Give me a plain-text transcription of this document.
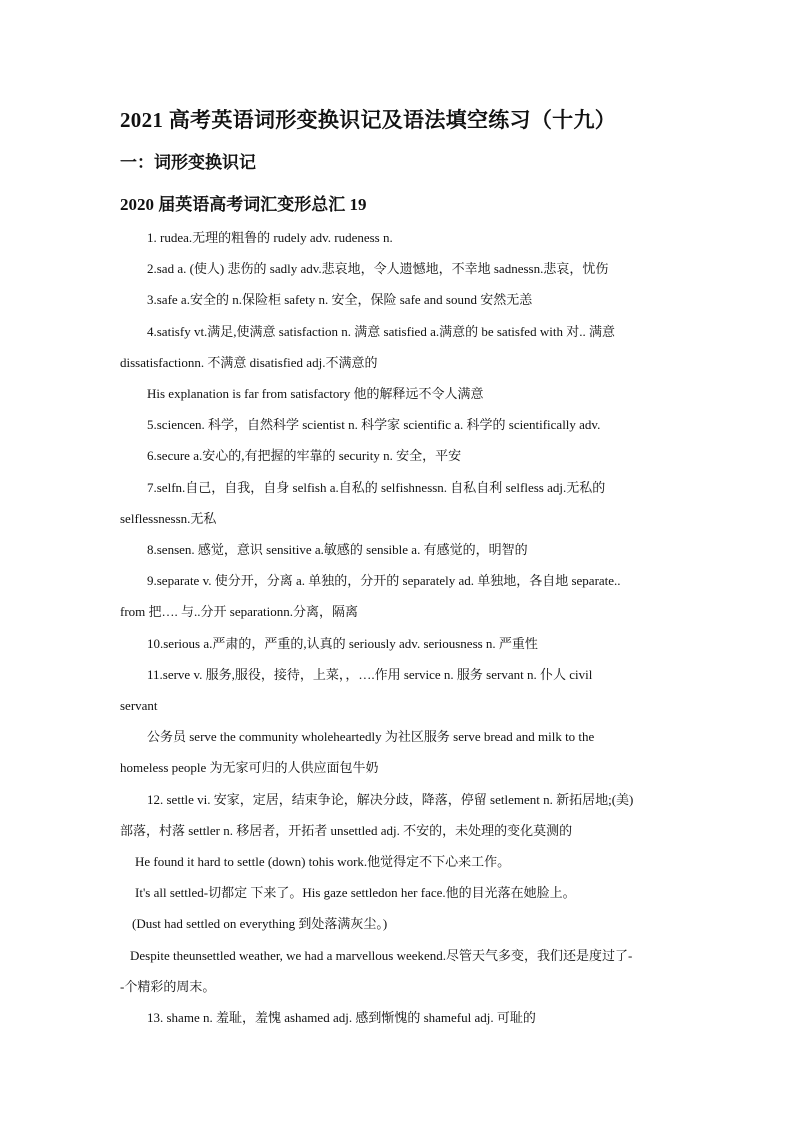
2021 高考英语词形变换识记及语法填空练习（十九）
一：词形变换识记
2020 届英语高考词汇变形总汇 19

1. rudea.无理的粗鲁的 rudely adv. rudeness n.

2.sad a. (使人) 悲伤的 sadly adv.悲哀地，令人遗憾地，不幸地 sadnessn.悲哀，忧伤

3.safe a.安全的 n.保险柜 safety n. 安全，保险 safe and sound 安然无恙

4.satisfy vt.满足,使满意 satisfaction n. 满意 satisfied a.满意的 be satisfed with 对.. 满意

dissatisfactionn. 不满意 disatisfied adj.不满意的

His explanation is far from satisfactory 他的解释远不令人满意

5.sciencen. 科学，自然科学 scientist n. 科学家 scientific a. 科学的 scientifically adv.

6.secure a.安心的,有把握的牢靠的 security n. 安全，平安

7.selfn.自己，自我，自身 selfish a.自私的 selfishnessn. 自私自利 selfless adj.无私的

selflessnessn.无私

8.sensen. 感觉，意识 sensitive a.敏感的 sensible a. 有感觉的，明智的

9.separate v. 使分开，分离 a. 单独的，分开的 separately ad. 单独地，各自地 separate..

from 把…. 与..分开 separationn.分离，隔离

10.serious a.严肃的，严重的,认真的 seriously adv. seriousness n. 严重性

11.serve v. 服务,服役，接待，上菜，，….作用 service n. 服务 servant n. 仆人 civil

servant

公务员 serve the community wholeheartedly 为社区服务 serve bread and milk to the

homeless people 为无家可归的人供应面包牛奶

12. settle vi. 安家，定居，结束争论，解决分歧，降落，停留 setlement n. 新拓居地;(美)

部落，村落 settler n. 移居者，开拓者 unsettled adj. 不安的，未处理的变化莫测的

He found it hard to settle (down) tohis work.他觉得定不下心来工作。

It's all settled-切都定 下来了。His gaze settledon her face.他的目光落在她脸上。

(Dust had settled on everything 到处落满灰尘。)

Despite theunsettled weather, we had a marvellous weekend.尽管天气多变，我们还是度过了-

-个精彩的周末。

13. shame n. 羞耻，羞愧 ashamed adj. 感到惭愧的 shameful adj. 可耻的
